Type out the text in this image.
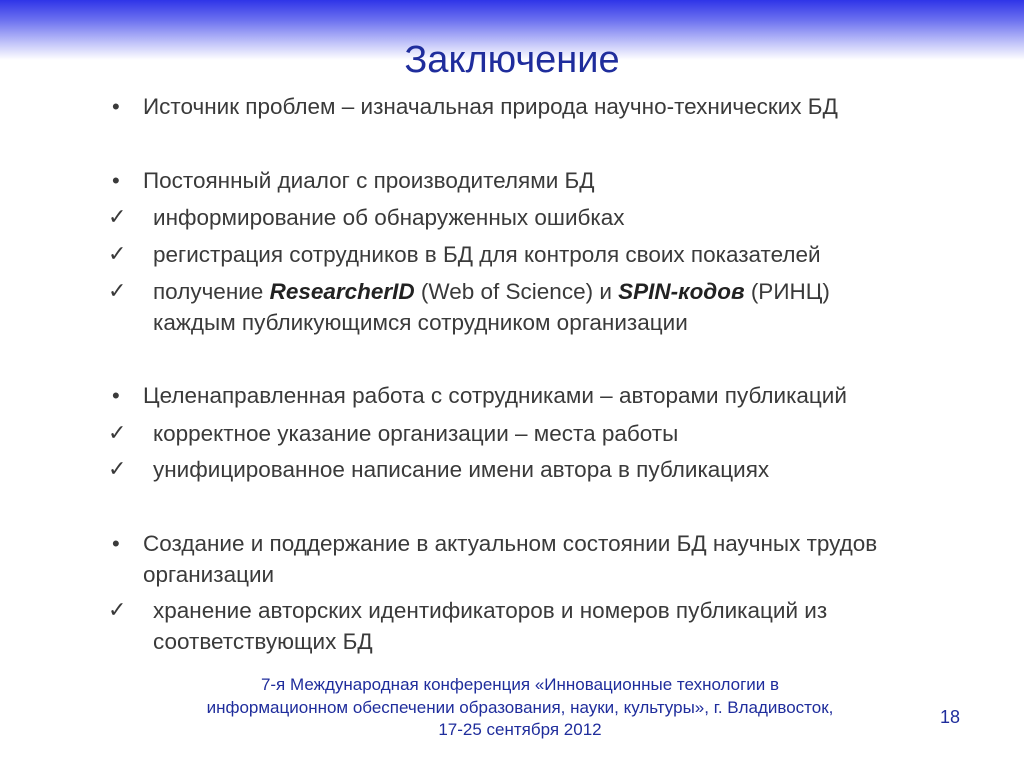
Заключение
• Источник проблем – изначальная природа научно-технических БД
• Постоянный диалог с производителями БД
✓ информирование об обнаруженных ошибках
✓ регистрация сотрудников в БД для контроля своих показателей
✓ получение ResearcherID (Web of Science) и SPIN-кодов (РИНЦ)
каждым публикующимся сотрудником организации
• Целенаправленная работа с сотрудниками – авторами публикаций
✓ корректное указание организации – места работы
✓ унифицированное написание имени автора в публикациях
• Создание и поддержание в актуальном состоянии БД научных трудов
организации
✓ хранение авторских идентификаторов и номеров публикаций из
соответствующих БД
7-я Международная конференция «Инновационные технологии в
информационном обеспечении образования, науки, культуры», г. Владивосток,
17-25 сентября 2012
18
